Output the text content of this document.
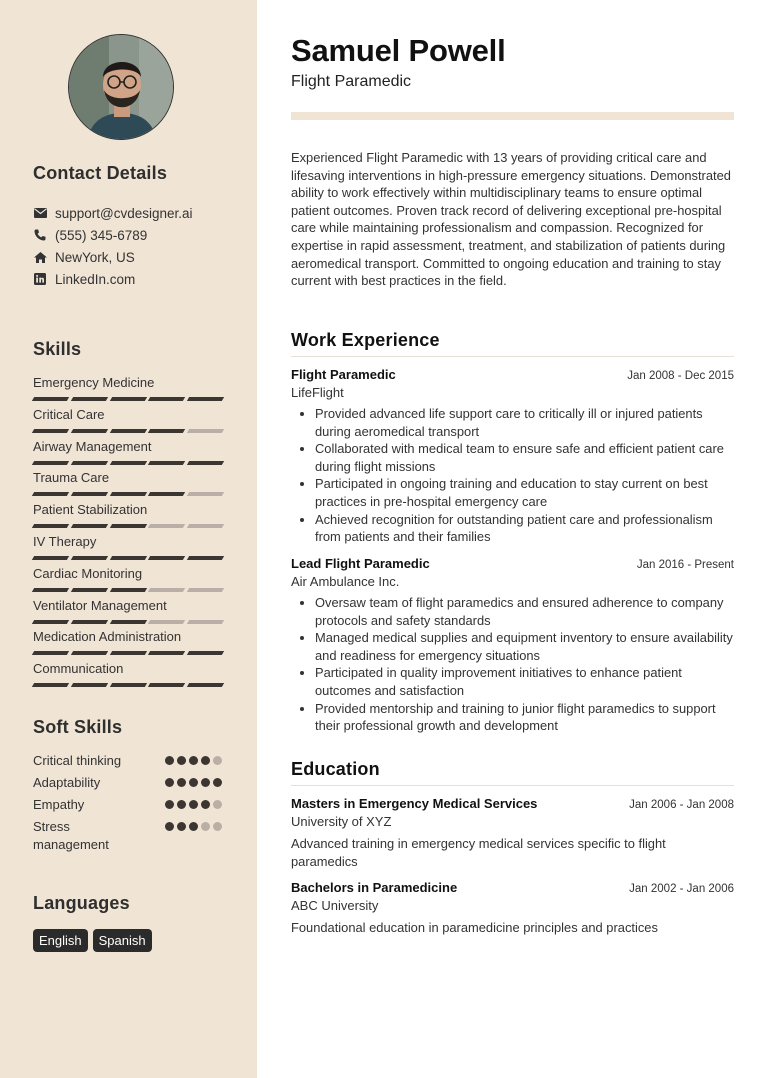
Contact Details
support@cvdesigner.ai
(555) 345-6789
NewYork, US
LinkedIn.com
Skills
Emergency Medicine
Critical Care
Airway Management
Trauma Care
Patient Stabilization
IV Therapy
Cardiac Monitoring
Ventilator Management
Medication Administration
Communication
Soft Skills
Critical thinking
Adaptability
Empathy
Stress management
Languages
English	Spanish
Samuel Powell

Flight Paramedic

Experienced Flight Paramedic with 13 years of providing critical care and lifesaving interventions in high-pressure emergency situations. Demonstrated ability to work effectively within multidisciplinary teams to ensure optimal patient outcomes. Proven track record of delivering exceptional pre-hospital care while maintaining professionalism and compassion. Recognized for expertise in rapid assessment, treatment, and stabilization of patients during aeromedical transport. Committed to ongoing education and training to stay current with best practices in the field.

Work Experience
Flight Paramedic	Jan 2008 - Dec 2015
LifeFlight
• Provided advanced life support care to critically ill or injured patients during aeromedical transport
• Collaborated with medical team to ensure safe and efficient patient care during flight missions
• Participated in ongoing training and education to stay current on best practices in pre-hospital emergency care
• Achieved recognition for outstanding patient care and professionalism from patients and their families
Lead Flight Paramedic	Jan 2016 - Present
Air Ambulance Inc.
• Oversaw team of flight paramedics and ensured adherence to company protocols and safety standards
• Managed medical supplies and equipment inventory to ensure availability and readiness for emergency situations
• Participated in quality improvement initiatives to enhance patient outcomes and satisfaction
• Provided mentorship and training to junior flight paramedics to support their professional growth and development
Education
Masters in Emergency Medical Services	Jan 2006 - Jan 2008
University of XYZ
Advanced training in emergency medical services specific to flight paramedics
Bachelors in Paramedicine	Jan 2002 - Jan 2006
ABC University
Foundational education in paramedicine principles and practices
